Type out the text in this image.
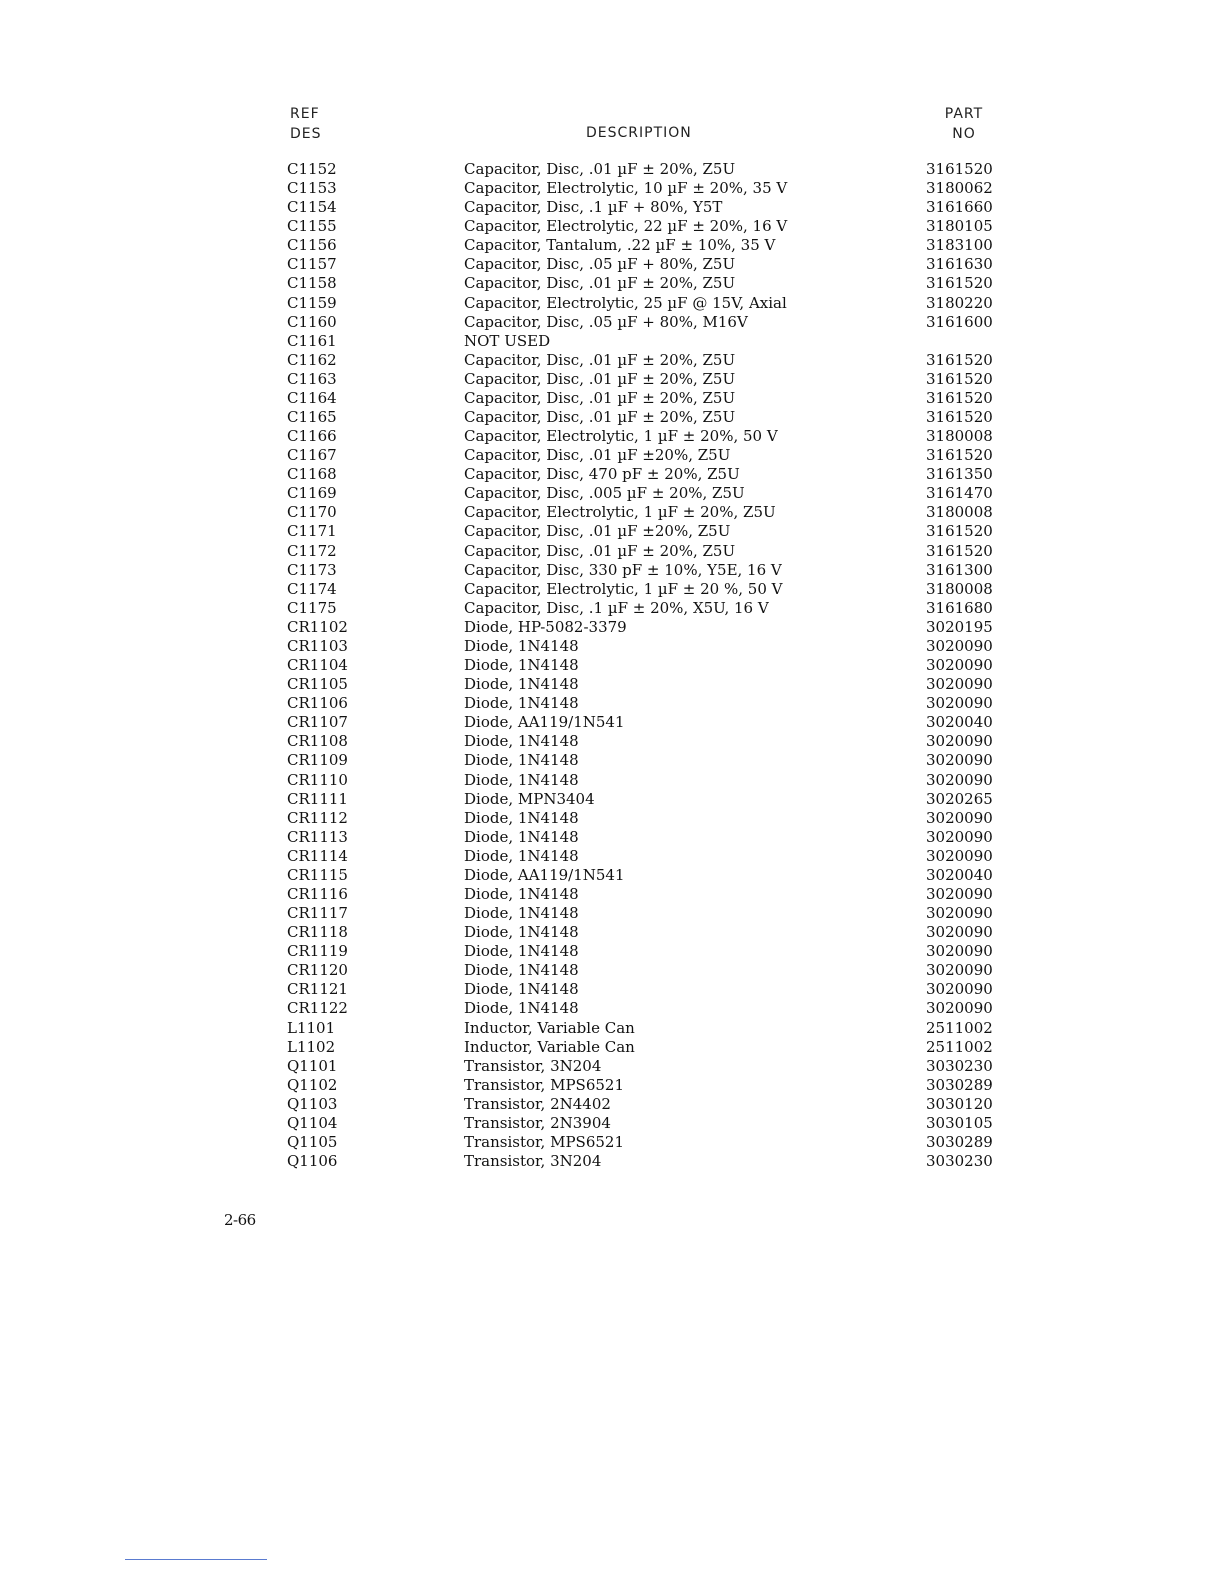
REF
DES	DESCRIPTION
PART
NO
C1152	Capacitor, Disc, .01 µF ± 20%, Z5U	3161520
C1153	Capacitor, Electrolytic, 10 µF ± 20%, 35 V	3180062
C1154	Capacitor, Disc, .1 µF + 80%, Y5T	3161660
C1155	Capacitor, Electrolytic, 22 µF ± 20%, 16 V	3180105
C1156	Capacitor, Tantalum, .22 µF ± 10%, 35 V	3183100
C1157	Capacitor, Disc, .05 µF + 80%, Z5U	3161630
C1158	Capacitor, Disc, .01 µF ± 20%, Z5U	3161520
C1159	Capacitor, Electrolytic, 25 µF @ 15V, Axial	3180220
C1160	Capacitor, Disc, .05 µF + 80%, M16V	3161600
C1161	NOT USED
C1162	Capacitor, Disc, .01 µF ± 20%, Z5U	3161520
C1163	Capacitor, Disc, .01 µF ± 20%, Z5U	3161520
C1164	Capacitor, Disc, .01 µF ± 20%, Z5U	3161520
C1165	Capacitor, Disc, .01 µF ± 20%, Z5U	3161520
C1166	Capacitor, Electrolytic, 1 µF ± 20%, 50 V	3180008
C1167	Capacitor, Disc, .01 µF ±20%, Z5U	3161520
C1168	Capacitor, Disc, 470 pF ± 20%, Z5U	3161350
C1169	Capacitor, Disc, .005 µF ± 20%, Z5U	3161470
C1170	Capacitor, Electrolytic, 1 µF ± 20%, Z5U	3180008
C1171	Capacitor, Disc, .01 µF ±20%, Z5U	3161520
C1172	Capacitor, Disc, .01 µF ± 20%, Z5U	3161520
C1173	Capacitor, Disc, 330 pF ± 10%, Y5E, 16 V	3161300
C1174	Capacitor, Electrolytic, 1 µF ± 20 %, 50 V	3180008
C1175	Capacitor, Disc, .1 µF ± 20%, X5U, 16 V	3161680
CR1102	Diode, HP-5082-3379	3020195
CR1103	Diode, 1N4148	3020090
CR1104	Diode, 1N4148	3020090
CR1105	Diode, 1N4148	3020090
CR1106	Diode, 1N4148	3020090
CR1107	Diode, AA119/1N541	3020040
CR1108	Diode, 1N4148	3020090
CR1109	Diode, 1N4148	3020090
CR1110	Diode, 1N4148	3020090
CR1111	Diode, MPN3404	3020265
CR1112	Diode, 1N4148	3020090
CR1113	Diode, 1N4148	3020090
CR1114	Diode, 1N4148	3020090
CR1115	Diode, AA119/1N541	3020040
CR1116	Diode, 1N4148	3020090
CR1117	Diode, 1N4148	3020090
CR1118	Diode, 1N4148	3020090
CR1119	Diode, 1N4148	3020090
CR1120	Diode, 1N4148	3020090
CR1121	Diode, 1N4148	3020090
CR1122	Diode, 1N4148	3020090
L1101	Inductor, Variable Can	2511002
L1102	Inductor, Variable Can	2511002
Q1101	Transistor, 3N204	3030230
Q1102	Transistor, MPS6521	3030289
Q1103	Transistor, 2N4402	3030120
Q1104	Transistor, 2N3904	3030105
Q1105	Transistor, MPS6521	3030289
Q1106	Transistor, 3N204	3030230
2-66
